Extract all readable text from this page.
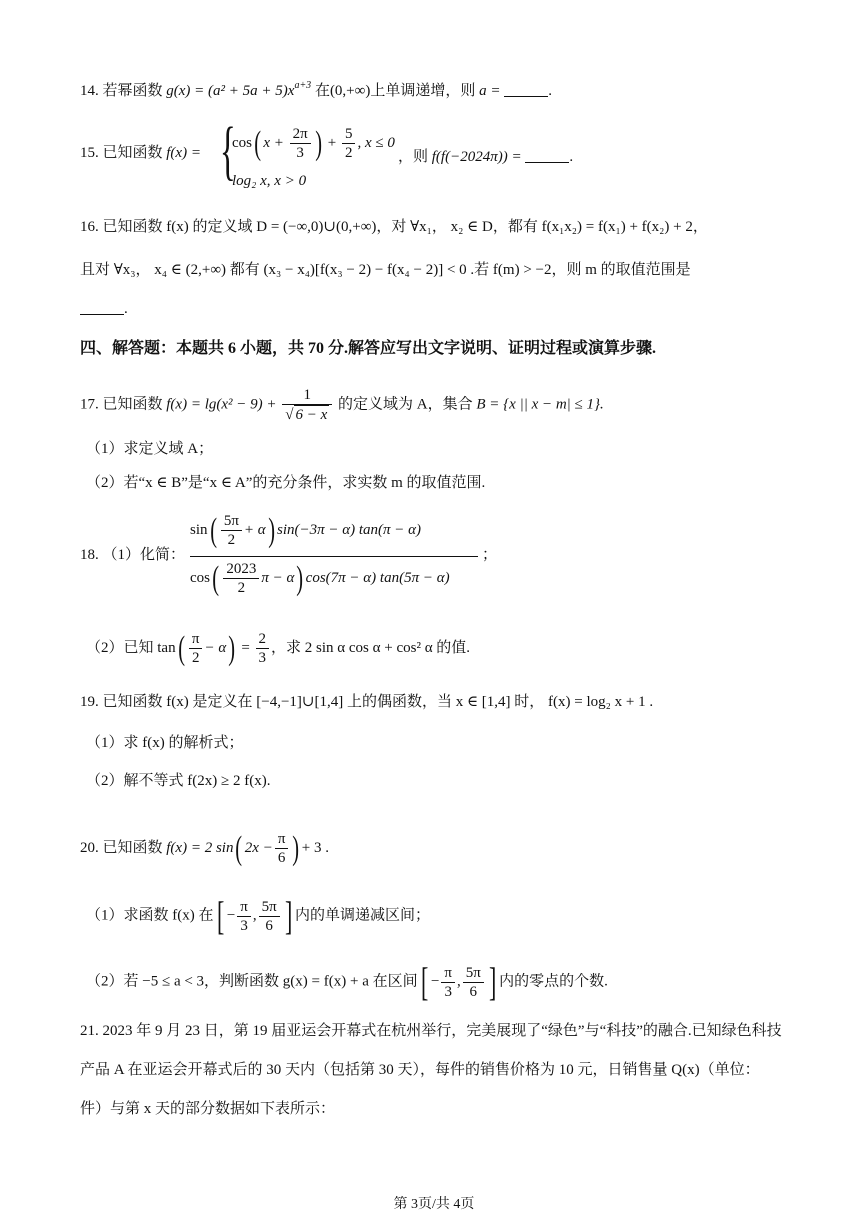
14. 若幂函数 $g(x) = (a^2 + 5a + 5)x^{a+3}$ 在(0,+∞)上单调递增，则 a =	.
15. 已知函数 f(x) = {
cos( $x + \frac{2\pi}{3}$ ) + $\frac{5}{2}$ , x ≤ 0
log₂ x, x > 0
，则 f(f(−2024π)) =	.
16. 已知函数 f(x) 的定义域 D = (−∞,0)∪(0,+∞)，对 ∀x₁， x₂ ∈ D，都有 f(x₁x₂) = f(x₁) + f(x₂) + 2，
且对 ∀x₃， x₄ ∈ (2,+∞) 都有 (x₃ − x₄)[f(x₃ − 2) − f(x₄ − 2)] < 0 .若 f(m) > −2，则 m 的取值范围是
.
四、解答题：本题共 6 小题，共 70 分.解答应写出文字说明、证明过程或演算步骤.
17. 已知函数 $f(x) = \lg(x^2 - 9) + \frac{1}{√ 6 - x}$ 的定义域为 A，集合 B = {x || x − m| ≤ 1}.
（1）求定义域 A；
（2）若“x ∈ B”是“x ∈ A”的充分条件，求实数 m 的取值范围.
18. （1）化简：
$\sin( \frac{5\pi}{2} + \alpha)$ sin(−3π − α) tan(π − α)
$\cos( \frac{2023}{2}$ π − α) cos(7π − α) tan(5π − α)
；
（2）已知 $\tan( \frac{\pi}{2} - \alpha) = \frac{2}{3}$ ，求 2 sin α cos α + cos² α 的值.
19. 已知函数 f(x) 是定义在 [−4,−1]∪[1,4] 上的偶函数，当 x ∈ [1,4] 时， f(x) = log₂ x + 1 .
（1）求 f(x) 的解析式；
（2）解不等式 f(2x) ≥ 2 f(x).
20. 已知函数 f(x) = 2 sin( $2x - \frac{\pi}{6}$ ) + 3 .
（1）求函数 f(x) 在[ − $\frac{\pi}{3}$ , $\frac{5\pi}{6}$ ] 内的单调递减区间；
（2）若 −5 ≤ a < 3，判断函数 g(x) = f(x) + a 在区间[ − $\frac{\pi}{3}$ , $\frac{5\pi}{6}$ ] 内的零点的个数.
21. 2023 年 9 月 23 日，第 19 届亚运会开幕式在杭州举行，完美展现了“绿色”与“科技”的融合.已知绿色科技
产品 A 在亚运会开幕式后的 30 天内（包括第 30 天），每件的销售价格为 10 元，日销售量 Q(x)（单位：
件）与第 x 天的部分数据如下表所示：
第 3页/共 4页
